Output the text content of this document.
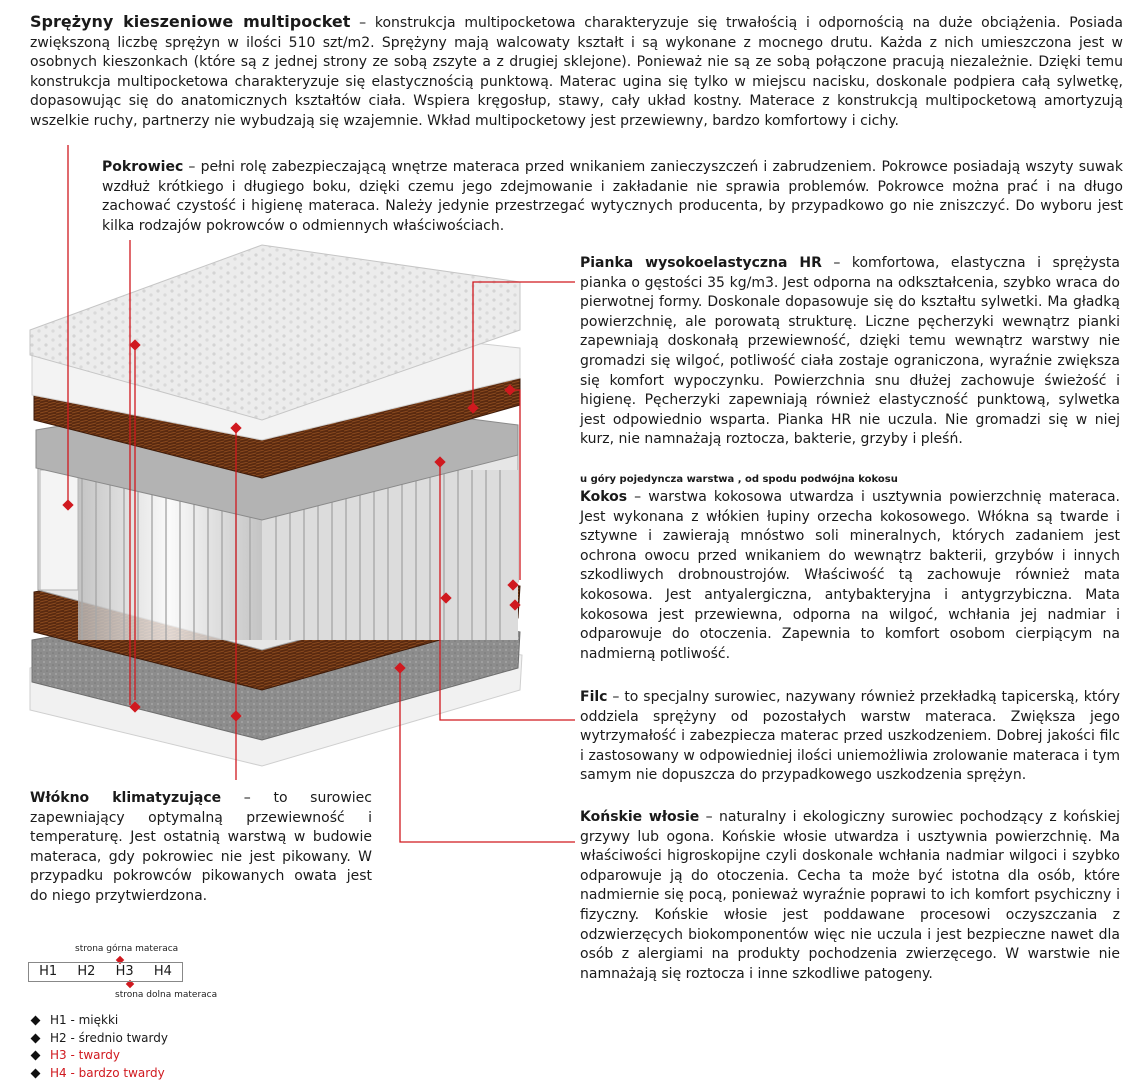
Sprężyny kieszeniowe multipocket – konstrukcja multipocketowa charakteryzuje się trwałością i odpornością na duże obciążenia. Posiada zwiększoną liczbę sprężyn w ilości 510 szt/m2. Sprężyny mają walcowaty kształt i są wykonane z mocnego drutu. Każda z nich umieszczona jest w osobnych kieszonkach (które są z jednej strony ze sobą zszyte a z drugiej sklejone). Ponieważ nie są ze sobą połączone pracują niezależnie. Dzięki temu konstrukcja multipocketowa charakteryzuje się elastycznością punktową. Materac ugina się tylko w miejscu nacisku, doskonale podpiera całą sylwetkę, dopasowując się do anatomicznych kształtów ciała. Wspiera kręgosłup, stawy, cały układ kostny. Materace z konstrukcją multipocketową amortyzują wszelkie ruchy, partnerzy nie wybudzają się wzajemnie. Wkład multipocketowy jest przewiewny, bardzo komfortowy i cichy.

Pokrowiec – pełni rolę zabezpieczającą wnętrze materaca przed wnikaniem zanieczyszczeń i zabrudzeniem. Pokrowce posiadają wszyty suwak wzdłuż krótkiego i długiego boku, dzięki czemu jego zdejmowanie i zakładanie nie sprawia problemów. Pokrowce można prać i na długo zachować czystość i higienę materaca. Należy jedynie przestrzegać wytycznych producenta, by przypadkowo go nie zniszczyć. Do wyboru jest kilka rodzajów pokrowców o odmiennych właściwościach.

Pianka wysokoelastyczna HR – komfortowa, elastyczna i sprężysta pianka o gęstości 35 kg/m3. Jest odporna na odkształcenia, szybko wraca do pierwotnej formy. Doskonale dopasowuje się do kształtu sylwetki. Ma gładką powierzchnię, ale porowatą strukturę. Liczne pęcherzyki wewnątrz pianki zapewniają doskonałą przewiewność, dzięki temu wewnątrz warstwy nie gromadzi się wilgoć, potliwość ciała zostaje ograniczona, wyraźnie zwiększa się komfort wypoczynku. Powierzchnia snu dłużej zachowuje świeżość i higienę. Pęcherzyki zapewniają również elastyczność punktową, sylwetka jest odpowiednio wsparta. Pianka HR nie uczula. Nie gromadzi się w niej kurz, nie namnażają roztocza, bakterie, grzyby i pleśń.

u góry pojedyncza warstwa , od spodu podwójna kokosu

Kokos – warstwa kokosowa utwardza i usztywnia powierzchnię materaca. Jest wykonana z włókien łupiny orzecha kokosowego. Włókna są twarde i sztywne i zawierają mnóstwo soli mineralnych, których zadaniem jest ochrona owocu przed wnikaniem do wewnątrz bakterii, grzybów i innych szkodliwych drobnoustrojów. Właściwość tą zachowuje również mata kokosowa. Jest antyalergiczna, antybakteryjna i antygrzybiczna. Mata kokosowa jest przewiewna, odporna na wilgoć, wchłania jej nadmiar i odparowuje do otoczenia. Zapewnia to komfort osobom cierpiącym na nadmierną potliwość.

Filc – to specjalny surowiec, nazywany również przekładką tapicerską, który oddziela sprężyny od pozostałych warstw materaca. Zwiększa jego wytrzymałość i zabezpiecza materac przed uszkodzeniem. Dobrej jakości filc i zastosowany w odpowiedniej ilości uniemożliwia zrolowanie materaca i tym samym nie dopuszcza do przypadkowego uszkodzenia sprężyn.

Włókno klimatyzujące – to surowiec zapewniający optymalną przewiewność i temperaturę. Jest ostatnią warstwą w budowie materaca, gdy pokrowiec nie jest pikowany. W przypadku pokrowców pikowanych owata jest do niego przytwierdzona.

Końskie włosie – naturalny i ekologiczny surowiec pochodzący z końskiej grzywy lub ogona. Końskie włosie utwardza i usztywnia powierzchnię. Ma właściwości higroskopijne czyli doskonale wchłania nadmiar wilgoci i szybko odparowuje ją do otoczenia. Cecha ta może być istotna dla osób, które nadmiernie się pocą, ponieważ wyraźnie poprawi to ich komfort psychiczny i fizyczny. Końskie włosie jest poddawane procesowi oczyszczania z odzwierzęcych biokomponentów więc nie uczula i jest bezpieczne nawet dla osób z alergiami na produkty pochodzenia zwierzęcego. W warstwie nie namnażają się roztocza i inne szkodliwe patogeny.

strona górna materaca
H1	H2	H3	H4
strona dolna materaca
H1 - miękki
H2 - średnio twardy
H3 - twardy
H4 - bardzo twardy
